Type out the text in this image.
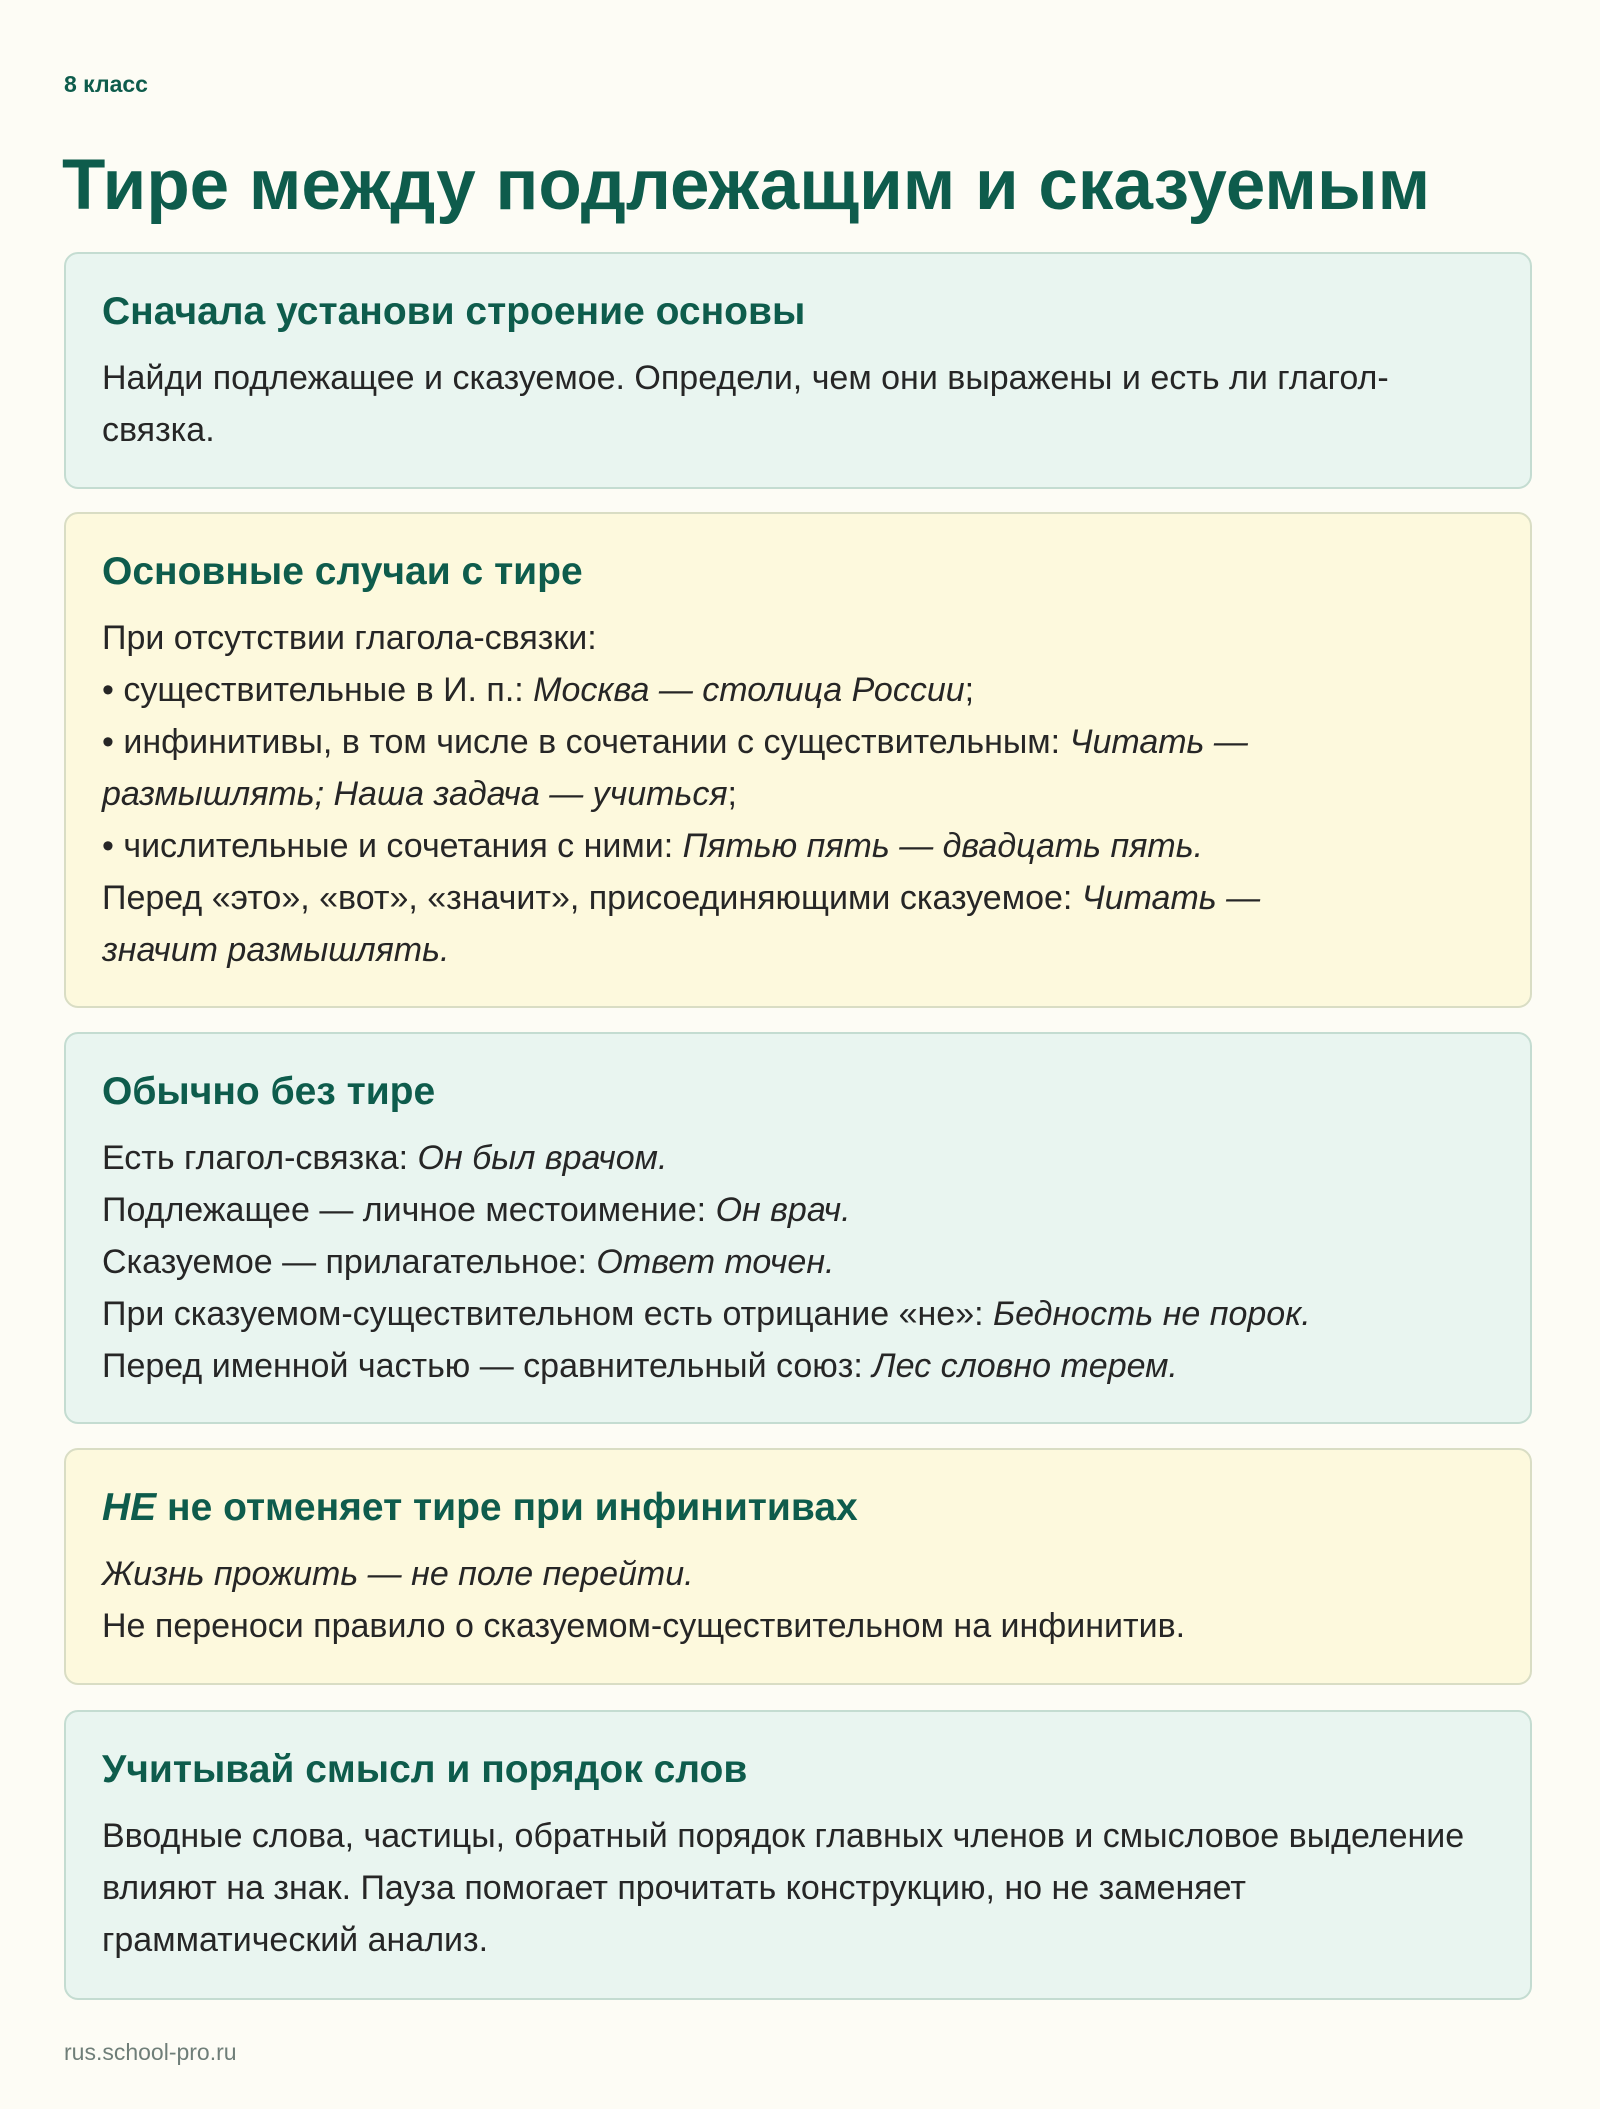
8 класс
Тире между подлежащим и сказуемым
Сначала установи строение основы
Найди подлежащее и сказуемое. Определи, чем они выражены и есть ли глагол-связка.
Основные случаи с тире
При отсутствии глагола-связки:
• существительные в И. п.: Москва — столица России;
• инфинитивы, в том числе в сочетании с существительным: Читать —
размышлять; Наша задача — учиться;
• числительные и сочетания с ними: Пятью пять — двадцать пять.
Перед «это», «вот», «значит», присоединяющими сказуемое: Читать —
значит размышлять.
Обычно без тире
Есть глагол-связка: Он был врачом.
Подлежащее — личное местоимение: Он врач.
Сказуемое — прилагательное: Ответ точен.
При сказуемом-существительном есть отрицание «не»: Бедность не порок.
Перед именной частью — сравнительный союз: Лес словно терем.
НЕ не отменяет тире при инфинитивах
Жизнь прожить — не поле перейти.
Не переноси правило о сказуемом-существительном на инфинитив.
Учитывай смысл и порядок слов
Вводные слова, частицы, обратный порядок главных членов и смысловое выделение влияют на знак. Пауза помогает прочитать конструкцию, но не заменяет грамматический анализ.
rus.school-pro.ru
